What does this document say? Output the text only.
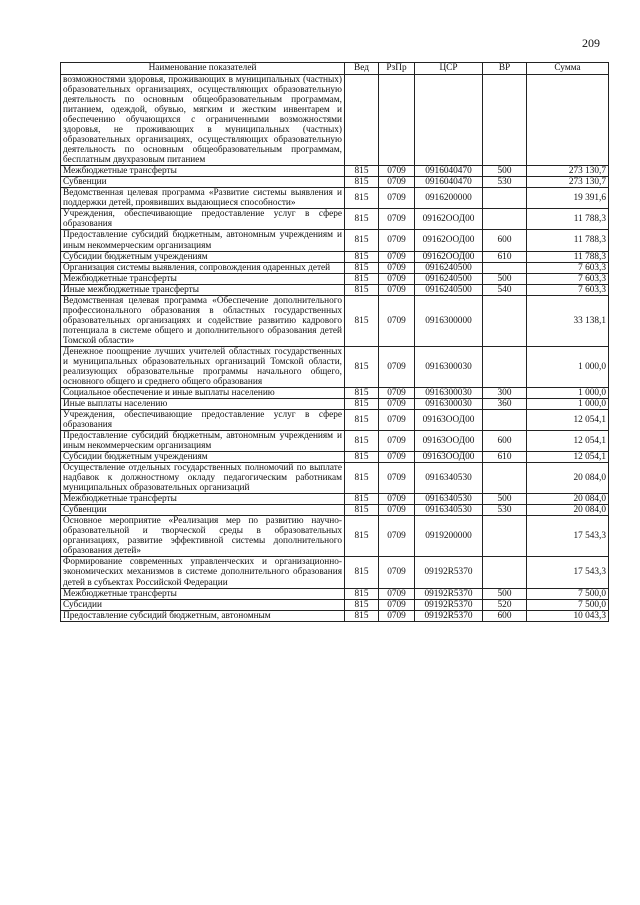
209
Наименование показателей	Вед	РзПр	ЦСР	ВР	Сумма
возможностями здоровья, проживающих в муниципальных (частных) образовательных организациях, осуществляющих образовательную деятельность по основным общеобразовательным программам, питанием, одеждой, обувью, мягким и жестким инвентарем и обеспечению обучающихся с ограниченными возможностями здоровья, не проживающих в муниципальных (частных) образовательных организациях, осуществляющих образовательную деятельность по основным общеобразовательным программам, бесплатным двухразовым питанием					
Межбюджетные трансферты	815	0709	0916040470	500	273 130,7
Субвенции	815	0709	0916040470	530	273 130,7
Ведомственная целевая программа «Развитие системы выявления и поддержки детей, проявивших выдающиеся способности»	815	0709	0916200000		19 391,6
Учреждения, обеспечивающие предоставление услуг в сфере образования	815	0709	09162ООД00		11 788,3
Предоставление субсидий бюджетным, автономным учреждениям и иным некоммерческим организациям	815	0709	09162ООД00	600	11 788,3
Субсидии бюджетным учреждениям	815	0709	09162ООД00	610	11 788,3
Организация системы выявления, сопровождения одаренных детей	815	0709	0916240500		7 603,3
Межбюджетные трансферты	815	0709	0916240500	500	7 603,3
Иные межбюджетные трансферты	815	0709	0916240500	540	7 603,3
Ведомственная целевая программа «Обеспечение дополнительного профессионального образования в областных государственных образовательных организациях и содействие развитию кадрового потенциала в системе общего и дополнительного образования детей Томской области»	815	0709	0916300000		33 138,1
Денежное поощрение лучших учителей областных государственных и муниципальных образовательных организаций Томской области, реализующих образовательные программы начального общего, основного общего и среднего общего образования	815	0709	0916300030		1 000,0
Социальное обеспечение и иные выплаты населению	815	0709	0916300030	300	1 000,0
Иные выплаты населению	815	0709	0916300030	360	1 000,0
Учреждения, обеспечивающие предоставление услуг в сфере образования	815	0709	09163ООД00		12 054,1
Предоставление субсидий бюджетным, автономным учреждениям и иным некоммерческим организациям	815	0709	09163ООД00	600	12 054,1
Субсидии бюджетным учреждениям	815	0709	09163ООД00	610	12 054,1
Осуществление отдельных государственных полномочий по выплате надбавок к должностному окладу педагогическим работникам муниципальных образовательных организаций	815	0709	0916340530		20 084,0
Межбюджетные трансферты	815	0709	0916340530	500	20 084,0
Субвенции	815	0709	0916340530	530	20 084,0
Основное мероприятие «Реализация мер по развитию научно-образовательной и творческой среды в образовательных организациях, развитие эффективной системы дополнительного образования детей»	815	0709	0919200000		17 543,3
Формирование современных управленческих и организационно-экономических механизмов в системе дополнительного образования детей в субъектах Российской Федерации	815	0709	09192R5370		17 543,3
Межбюджетные трансферты	815	0709	09192R5370	500	7 500,0
Субсидии	815	0709	09192R5370	520	7 500,0
Предоставление субсидий бюджетным, автономным	815	0709	09192R5370	600	10 043,3
